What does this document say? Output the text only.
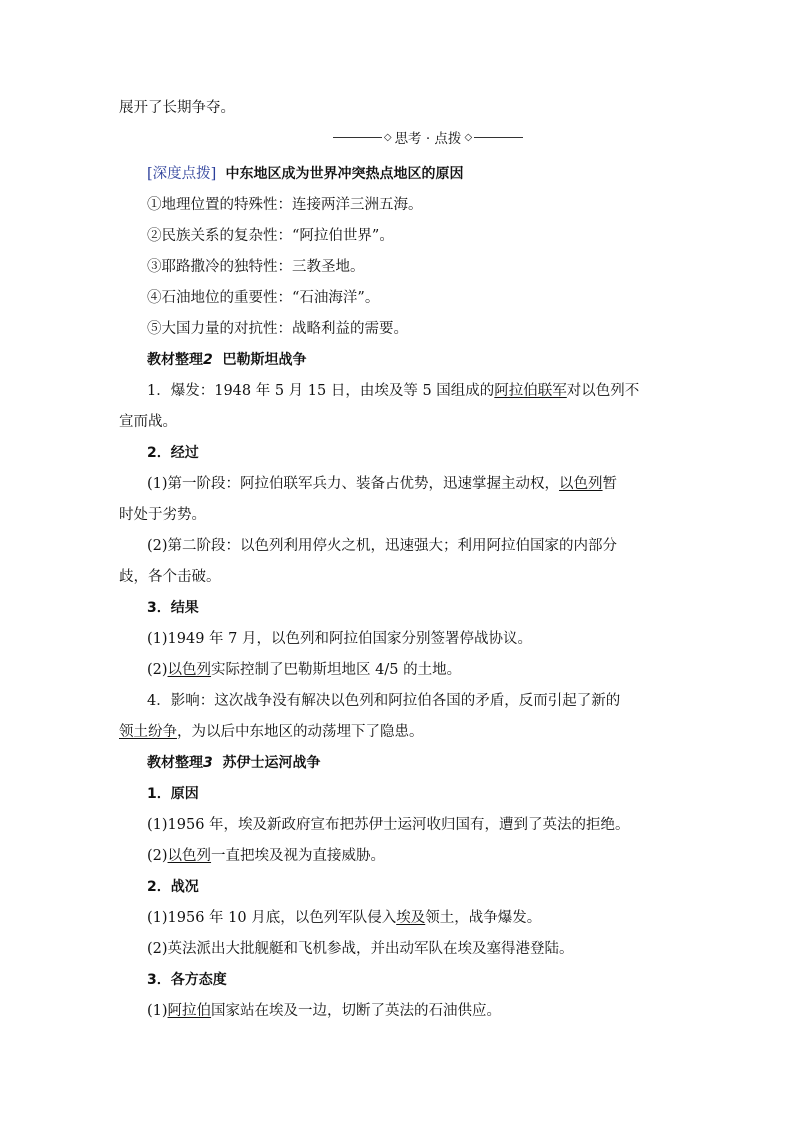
展开了长期争夺。
◇ 思考 · 点拨 ◇
[深度点拨] 中东地区成为世界冲突热点地区的原因
①地理位置的特殊性：连接两洋三洲五海。
②民族关系的复杂性：“阿拉伯世界”。
③耶路撒冷的独特性：三教圣地。
④石油地位的重要性：“石油海洋”。
⑤大国力量的对抗性：战略利益的需要。
教材整理2 巴勒斯坦战争
1．爆发：1948 年 5 月 15 日，由埃及等 5 国组成的阿拉伯联军对以色列不
宣而战。
2．经过
(1)第一阶段：阿拉伯联军兵力、装备占优势，迅速掌握主动权，以色列暂
时处于劣势。
(2)第二阶段：以色列利用停火之机，迅速强大；利用阿拉伯国家的内部分
歧，各个击破。
3．结果
(1)1949 年 7 月，以色列和阿拉伯国家分别签署停战协议。
(2)以色列实际控制了巴勒斯坦地区 4/5 的土地。
4．影响：这次战争没有解决以色列和阿拉伯各国的矛盾，反而引起了新的
领土纷争，为以后中东地区的动荡埋下了隐患。
教材整理3 苏伊士运河战争
1．原因
(1)1956 年，埃及新政府宣布把苏伊士运河收归国有，遭到了英法的拒绝。
(2)以色列一直把埃及视为直接威胁。
2．战况
(1)1956 年 10 月底，以色列军队侵入埃及领土，战争爆发。
(2)英法派出大批舰艇和飞机参战，并出动军队在埃及塞得港登陆。
3．各方态度
(1)阿拉伯国家站在埃及一边，切断了英法的石油供应。
